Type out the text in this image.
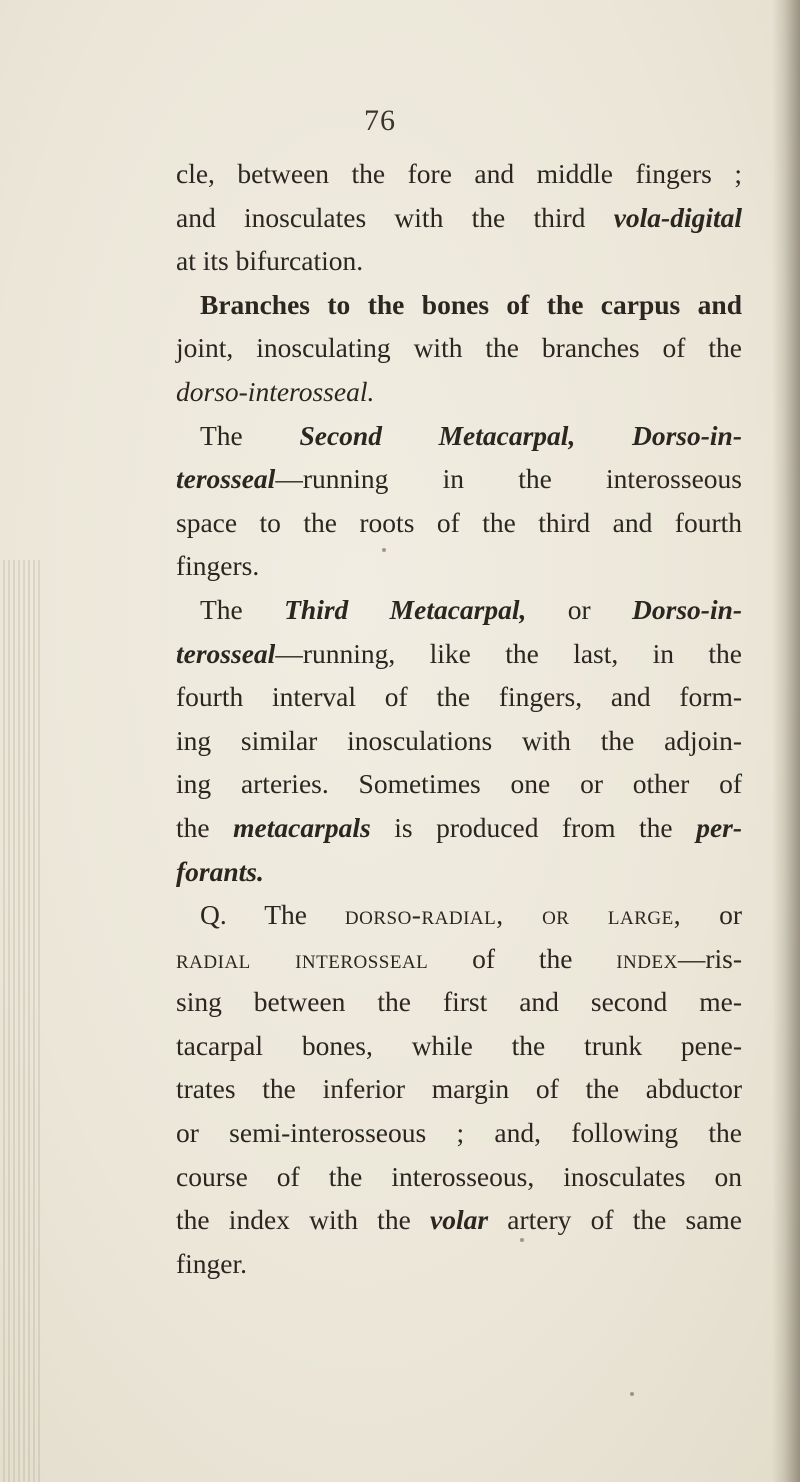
76
cle, between the fore and middle fingers ;
and inosculates with the third vola-digital
at its bifurcation.
Branches to the bones of the carpus and
joint, inosculating with the branches of the
dorso-interosseal.
The Second Metacarpal, Dorso-in-
terosseal—running in the interosseous
space to the roots of the third and fourth
fingers.
The Third Metacarpal, or Dorso-in-
terosseal—running, like the last, in the
fourth interval of the fingers, and form-
ing similar inosculations with the adjoin-
ing arteries. Sometimes one or other of
the metacarpals is produced from the per-
forants.
Q. The dorso-radial, or large, or
radial interosseal of the index—ris-
sing between the first and second me-
tacarpal bones, while the trunk pene-
trates the inferior margin of the abductor
or semi-interosseous ; and, following the
course of the interosseous, inosculates on
the index with the volar artery of the same
finger.
